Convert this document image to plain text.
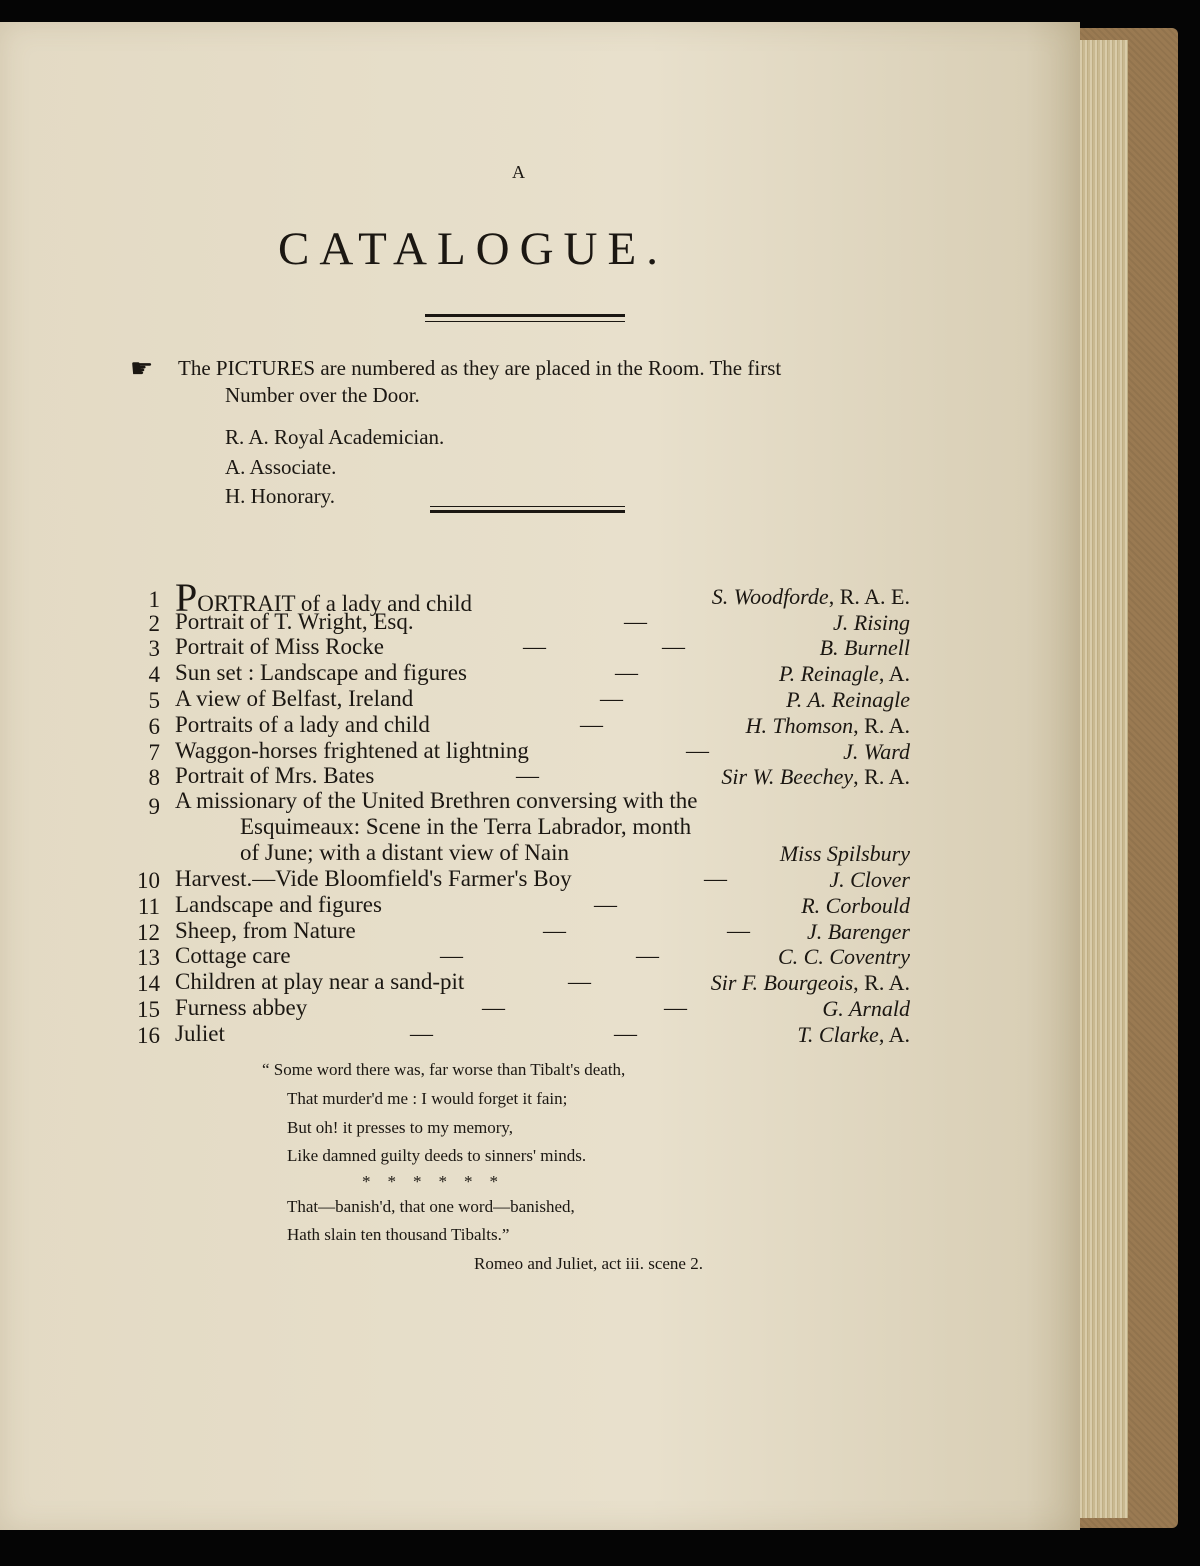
A
CATALOGUE.
☛ The PICTURES are numbered as they are placed in the Room. The first
Number over the Door.
R. A. Royal Academician.
A. Associate.
H. Honorary.
1 PORTRAIT of a lady and child	S. Woodforde, R. A. E.
2 Portrait of T. Wright, Esq.	—	J. Rising
3 Portrait of Miss Rocke	—	—	B. Burnell
4 Sun set : Landscape and figures	—	P. Reinagle, A.
5 A view of Belfast, Ireland	—	P. A. Reinagle
6 Portraits of a lady and child	—	H. Thomson, R. A.
7 Waggon-horses frightened at lightning	—	J. Ward
8 Portrait of Mrs. Bates	—	Sir W. Beechey, R. A.
9 A missionary of the United Brethren conversing with the
Esquimeaux: Scene in the Terra Labrador, month
of June; with a distant view of Nain	Miss Spilsbury
10 Harvest.—Vide Bloomfield's Farmer's Boy	—	J. Clover
11 Landscape and figures	—	R. Corbould
12 Sheep, from Nature	—	—	J. Barenger
13 Cottage care	—	—	C. C. Coventry
14 Children at play near a sand-pit	—	Sir F. Bourgeois, R. A.
15 Furness abbey	—	—	G. Arnald
16 Juliet	—	—	T. Clarke, A.
“ Some word there was, far worse than Tibalt's death,
That murder'd me : I would forget it fain;
But oh! it presses to my memory,
Like damned guilty deeds to sinners' minds.
*    *    *    *    *    *
That—banish'd, that one word—banished,
Hath slain ten thousand Tibalts.”
Romeo and Juliet, act iii. scene 2.
